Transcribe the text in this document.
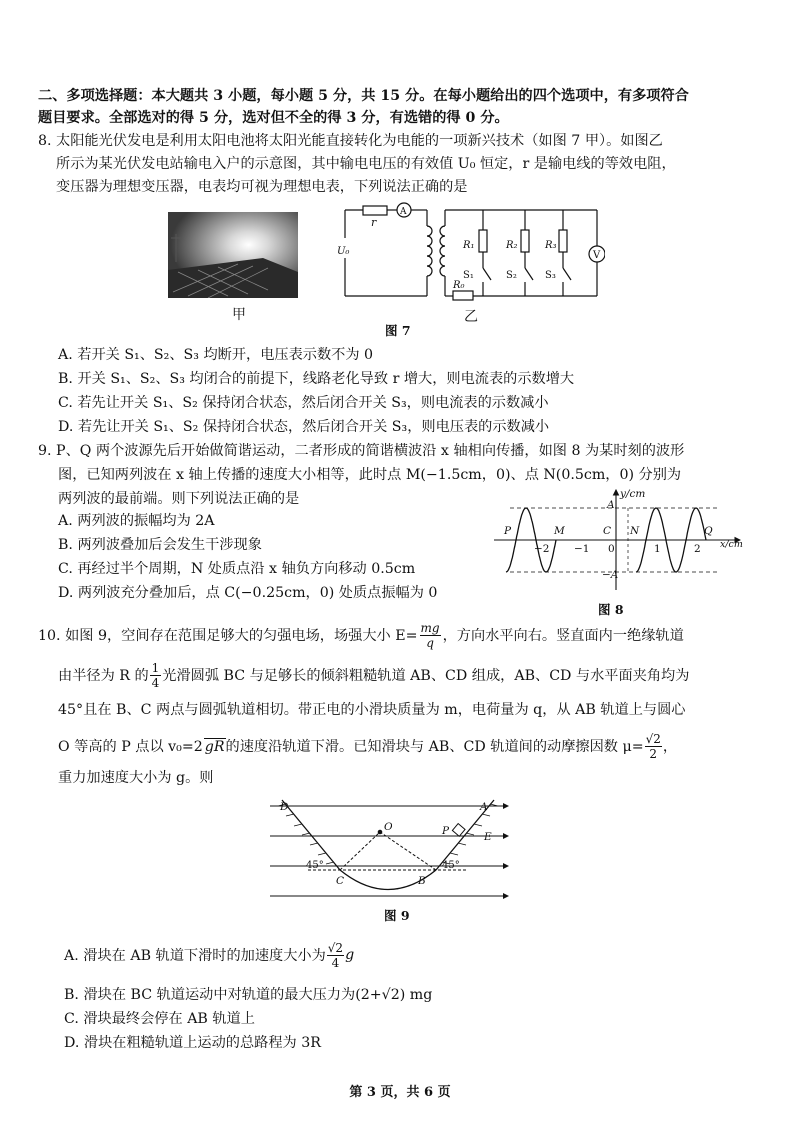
二、多项选择题：本大题共 3 小题，每小题 5 分，共 15 分。在每小题给出的四个选项中，有多项符合
题目要求。全部选对的得 5 分，选对但不全的得 3 分，有选错的得 0 分。
8. 太阳能光伏发电是利用太阳电池将太阳光能直接转化为电能的一项新兴技术（如图 7 甲）。如图乙
所示为某光伏发电站输电入户的示意图，其中输电电压的有效值 U₀ 恒定，r 是输电线的等效电阻，
变压器为理想变压器，电表均可视为理想电表，下列说法正确的是
甲
r
A
U₀
R₀
R₁	R₂	R₃
S₁	S₂	S₃
V
乙
图 7
A. 若开关 S₁、S₂、S₃ 均断开，电压表示数不为 0
B. 开关 S₁、S₂、S₃ 均闭合的前提下，线路老化导致 r 增大，则电流表的示数增大
C. 若先让开关 S₁、S₂ 保持闭合状态，然后闭合开关 S₃，则电流表的示数减小
D. 若先让开关 S₁、S₂ 保持闭合状态，然后闭合开关 S₃，则电压表的示数减小
9. P、Q 两个波源先后开始做简谐运动，二者形成的简谐横波沿 x 轴相向传播，如图 8 为某时刻的波形
图，已知两列波在 x 轴上传播的速度大小相等，此时点 M(−1.5cm，0)、点 N(0.5cm，0) 分别为
两列波的最前端。则下列说法正确的是
A. 两列波的振幅均为 2A
B. 两列波叠加后会发生干涉现象
C. 再经过半个周期，N 处质点沿 x 轴负方向移动 0.5cm
D. 两列波充分叠加后，点 C(−0.25cm，0) 处质点振幅为 0
y/cm
x/cm
A
−A
P	M	C N	Q
−2 −1 0	1	2
图 8
10. 如图 9，空间存在范围足够大的匀强电场，场强大小 $E= \frac{mg}{q}$ ，方向水平向右。竖直面内一绝缘轨道
由半径为 R 的 $\frac{1}{4}$ 光滑圆弧 BC 与足够长的倾斜粗糙轨道 AB、CD 组成，AB、CD 与水平面夹角均为
45°且在 B、C 两点与圆弧轨道相切。带正电的小滑块质量为 m，电荷量为 q，从 AB 轨道上与圆心
O 等高的 P 点以 v₀=2 gR 的速度沿轨道下滑。已知滑块与 AB、CD 轨道间的动摩擦因数 $\mu= \frac{√2}{2}$ ，
重力加速度大小为 g。则
D	A
O	P	E
C	B
45°	45°
图 9
A. 滑块在 AB 轨道下滑时的加速度大小为 $\frac{√2}{4}$ g
B. 滑块在 BC 轨道运动中对轨道的最大压力为(2+√2) mg
C. 滑块最终会停在 AB 轨道上
D. 滑块在粗糙轨道上运动的总路程为 3R
第 3 页，共 6 页
